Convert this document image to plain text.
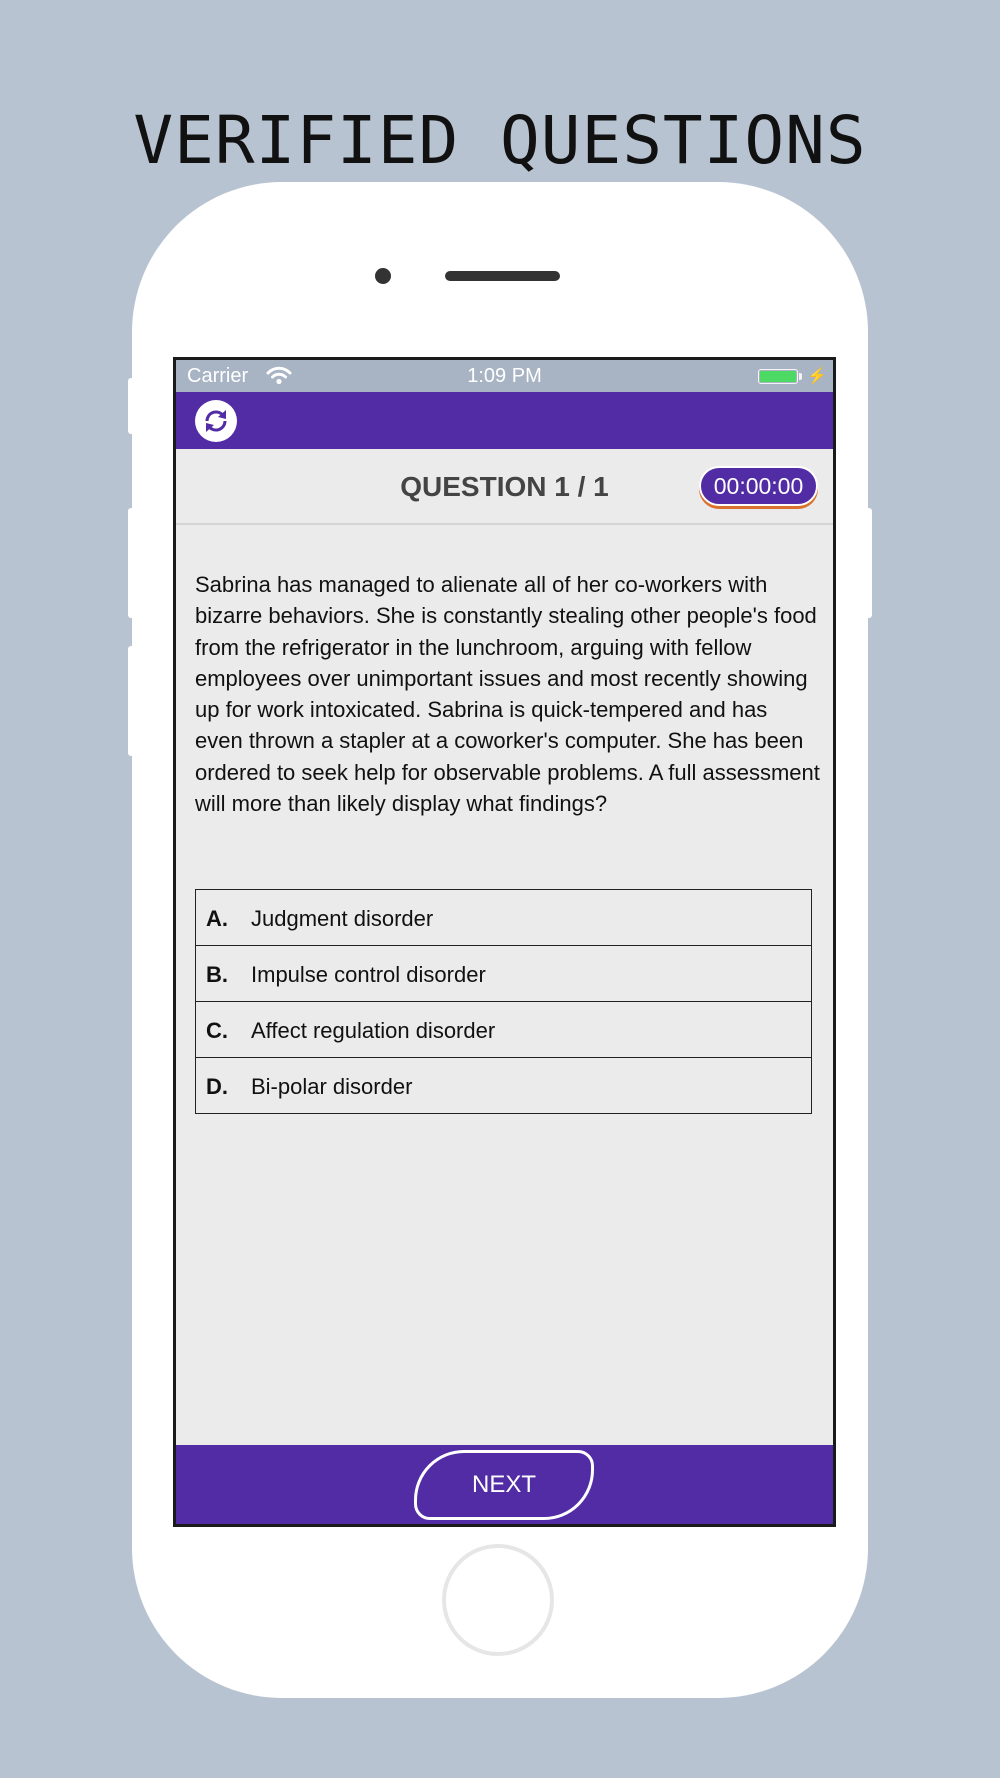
VERIFIED QUESTIONS
Carrier	1:09 PM	⚡
QUESTION 1 / 1	00:00:00

Sabrina has managed to alienate all of her co-workers with bizarre behaviors. She is constantly stealing other people's food from the refrigerator in the lunchroom, arguing with fellow employees over unimportant issues and most recently showing up for work intoxicated. Sabrina is quick-tempered and has even thrown a stapler at a coworker's computer. She has been ordered to seek help for observable problems. A full assessment will more than likely display what findings?

A. Judgment disorder
B. Impulse control disorder
C. Affect regulation disorder
D. Bi-polar disorder
NEXT
